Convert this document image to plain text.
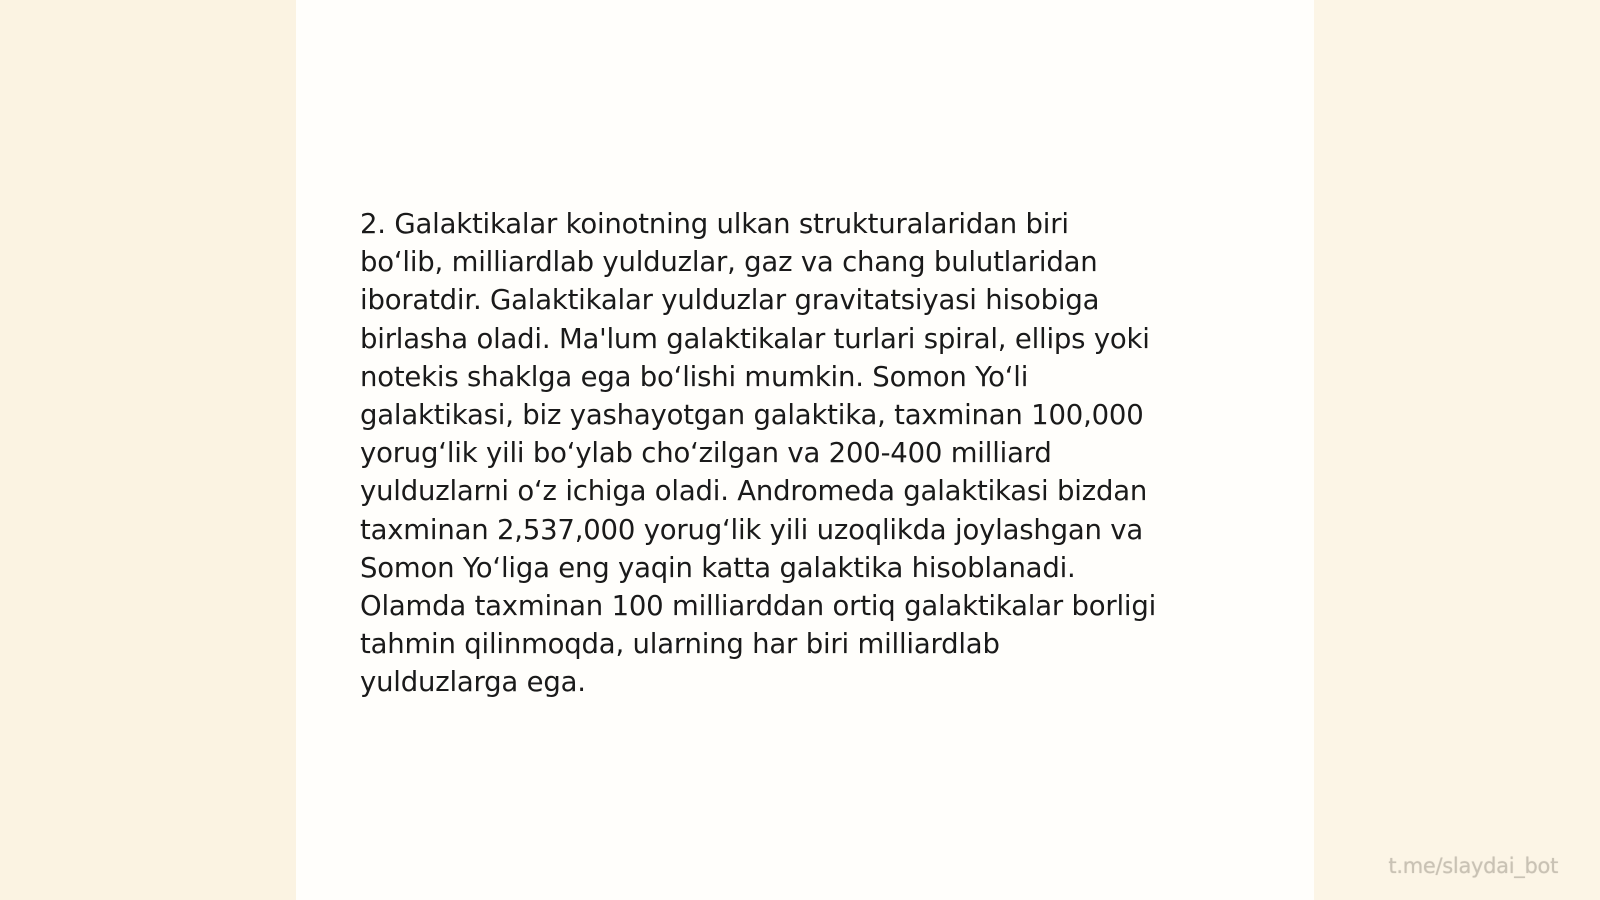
2. Galaktikalar koinotning ulkan strukturalaridan biri
bo‘lib, milliardlab yulduzlar, gaz va chang bulutlaridan
iboratdir. Galaktikalar yulduzlar gravitatsiyasi hisobiga
birlasha oladi. Ma'lum galaktikalar turlari spiral, ellips yoki
notekis shaklga ega bo‘lishi mumkin. Somon Yo‘li
galaktikasi, biz yashayotgan galaktika, taxminan 100,000
yorug‘lik yili bo‘ylab cho‘zilgan va 200-400 milliard
yulduzlarni o‘z ichiga oladi. Andromeda galaktikasi bizdan
taxminan 2,537,000 yorug‘lik yili uzoqlikda joylashgan va
Somon Yo‘liga eng yaqin katta galaktika hisoblanadi.
Olamda taxminan 100 milliarddan ortiq galaktikalar borligi
tahmin qilinmoqda, ularning har biri milliardlab
yulduzlarga ega.

t.me/slaydai_bot
